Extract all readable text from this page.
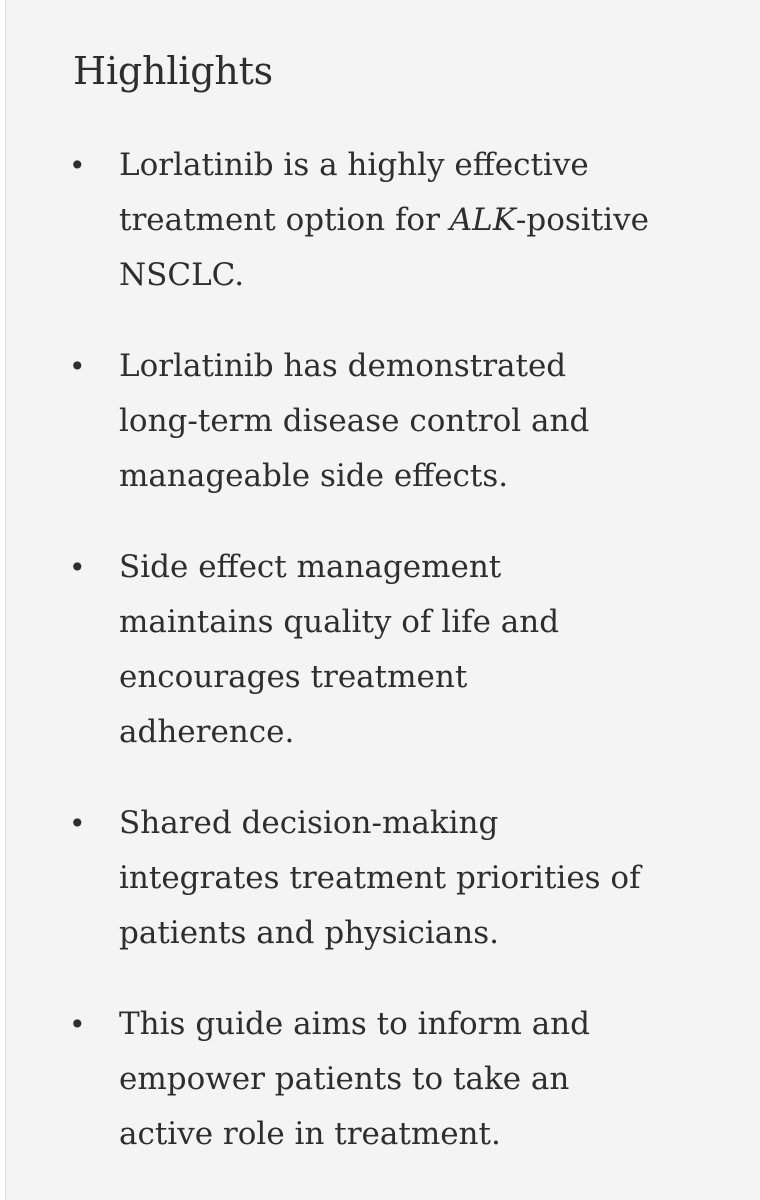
Highlights
• Lorlatinib is a highly effective treatment option for ALK-positive NSCLC.
• Lorlatinib has demonstrated long-term disease control and manageable side effects.
• Side effect management maintains quality of life and encourages treatment adherence.
• Shared decision-making integrates treatment priorities of patients and physicians.
• This guide aims to inform and empower patients to take an active role in treatment.
